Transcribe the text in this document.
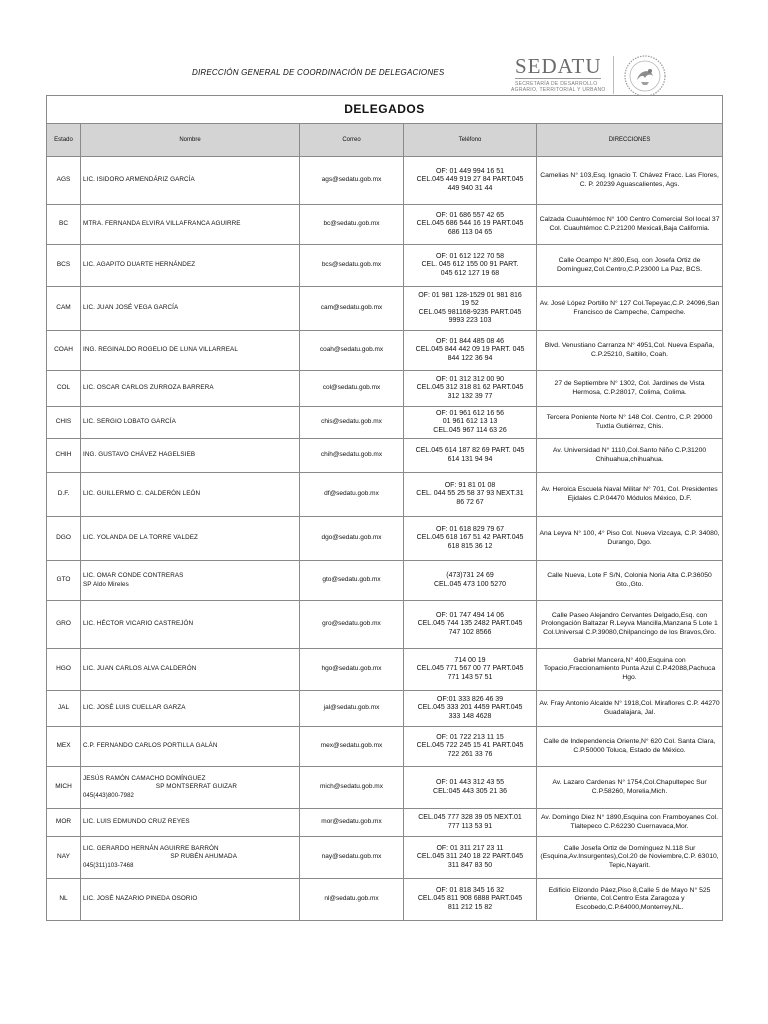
DIRECCIÓN GENERAL DE COORDINACIÓN DE DELEGACIONES	SEDATU
SECRETARÍA DE DESARROLLO
AGRARIO, TERRITORIAL Y URBANO
DELEGADOS				
Estado	Nombre	Correo	Teléfono	DIRECCIONES
AGS	LIC. ISIDORO ARMENDÁRIZ GARCÍA	ags@sedatu.gob.mx	OF: 01 449 994 16 51
CEL.045 449 919 27 84 PART.045
449 940 31 44	Camelias N° 103,Esq. Ignacio T. Chávez Fracc. Las Flores, C. P. 20239 Aguascalientes, Ags.
BC	MTRA. FERNANDA ELVIRA VILLAFRANCA AGUIRRE	bc@sedatu.gob.mx	OF: 01 686 557 42 65
CEL.045 686 544 16 19 PART.045
686 113 04 65	Calzada Cuauhtémoc N° 100 Centro Comercial Sol local 37 Col. Cuauhtémoc C.P.21200 Mexicali,Baja California.
BCS	LIC. AGAPITO DUARTE HERNÁNDEZ	bcs@sedatu.gob.mx	OF: 01 612 122 70 58
CEL. 045 612 155 00 91 PART.
045 612 127 19 68	Calle Ocampo N°.890,Esq. con Josefa Ortiz de Domínguez,Col.Centro,C.P.23000 La Paz, BCS.
CAM	LIC. JUAN JOSÉ VEGA GARCÍA	cam@sedatu.gob.mx	OF: 01 981 128-1529 01 981 816
19 52
CEL.045 981168-9235 PART.045
9993 223 103	Av. José López Portillo N° 127 Col.Tepeyac,C.P. 24096,San Francisco de Campeche, Campeche.
COAH	ING. REGINALDO ROGELIO DE LUNA VILLARREAL	coah@sedatu.gob.mx	OF: 01 844 485 08 46
CEL.045 844 442 09 19 PART. 045
844 122 36 94	Blvd. Venustiano Carranza N° 4951,Col. Nueva España, C.P.25210, Saltillo, Coah.
COL	LIC. OSCAR CARLOS ZURROZA BARRERA	col@sedatu.gob.mx	OF: 01 312 312 00 90
CEL.045 312 318 81 62 PART.045
312 132 39 77	27 de Septiembre N° 1302, Col. Jardines de Vista Hermosa, C.P.28017, Colima, Colima.
CHIS	LIC. SERGIO LOBATO GARCÍA	chis@sedatu.gob.mx	OF: 01 961 612 16 56
01 961 612 13 13
CEL.045 967 114 63 26	Tercera Poniente Norte N° 148 Col. Centro, C.P. 29000 Tuxtla Gutiérrez, Chis.
CHIH	ING. GUSTAVO CHÁVEZ HAGELSIEB	chih@sedatu.gob.mx	CEL.045 614 187 82 69 PART. 045
614 131 94 94	Av. Universidad N° 1110,Col.Santo Niño C.P.31200 Chihuahua,chihuahua.
D.F.	LIC. GUILLERMO C. CALDERÓN LEÓN	df@sedatu.gob.mx	OF: 91 81 01 08
CEL. 044 55 25 58 37 93 NEXT.31
86 72 67	Av. Heroica Escuela Naval Militar N° 701, Col. Presidentes Ejidales C.P.04470 Módulos México, D.F.
DGO	LIC. YOLANDA DE LA TORRE VALDEZ	dgo@sedatu.gob.mx	OF: 01 618 829 79 67
CEL.045 618 167 51 42 PART.045
618 815 36 12	Ana Leyva N° 100, 4° Piso Col. Nueva Vizcaya, C.P. 34080, Durango, Dgo.
GTO	LIC. OMAR CONDE CONTRERAS
SP Aldo Mireles	gto@sedatu.gob.mx	(473)731 24 69
CEL.045 473 100 5270	Calle Nueva, Lote F S/N, Colonia Noria Alta C.P.36050 Gto.,Gto.
GRO	LIC. HÉCTOR VICARIO CASTREJÓN	gro@sedatu.gob.mx	OF: 01 747 494 14 06
CEL.045 744 135 2482 PART.045
747 102 8566	Calle Paseo Alejandro Cervantes Delgado,Esq. con Prolongación Baltazar R.Leyva Mancilla,Manzana 5 Lote 1 Col.Universal C.P.39080,Chilpancingo de los Bravos,Gro.
HGO	LIC. JUAN CARLOS ALVA CALDERÓN	hgo@sedatu.gob.mx	714 00 19
CEL.045 771 567 00 77 PART.045
771 143 57 51	Gabriel Mancera,N° 400,Esquina con Topacio,Fraccionamiento Punta Azul C.P.42088,Pachuca Hgo.
JAL	LIC. JOSÉ LUIS CUELLAR GARZA	jal@sedatu.gob.mx	OF:01 333 826 46 39
CEL.045 333 201 4459 PART.045
333 148 4628	Av. Fray Antonio Alcalde N° 1918,Col. Miraflores C.P. 44270 Guadalajara, Jal.
MEX	C.P. FERNANDO CARLOS PORTILLA GALÁN	mex@sedatu.gob.mx	OF: 01 722 213 11 15
CEL.045 722 245 15 41 PART.045
722 261 33 76	Calle de Independencia Oriente,N° 620 Col. Santa Clara, C.P.50000 Toluca, Estado de México.
MICH	JESÚS RAMÓN CAMACHO DOMÍNGUEZ
SP MONTSERRAT GUIZAR
045(443)800-7982	mich@sedatu.gob.mx	OF: 01 443 312 43 55
CEL:045 443 305 21 36	Av. Lazaro Cardenas N° 1754,Col.Chapultepec Sur C.P.58260, Morelia,Mich.
MOR	LIC. LUIS EDMUNDO CRUZ REYES	mor@sedatu.gob.mx	CEL.045 777 328 39 05 NEXT.01
777 113 53 91	Av. Domingo Diez N° 1890,Esquina con Framboyanes Col. Tlaltepeco C.P.62230 Cuernavaca,Mor.
NAY	LIC. GERARDO HERNÁN AGUIRRE BARRÓN
SP RUBÉN AHUMADA
045(311)103-7468	nay@sedatu.gob.mx	OF: 01 311 217 23 11
CEL.045 311 240 18 22 PART.045
311 847 83 50	Calle Josefa Ortiz de Domínguez N.118 Sur (Esquina,Av.Insurgentes),Col.20 de Noviembre,C.P. 63010, Tepic,Nayarit.
NL	LIC. JOSÉ NAZARIO PINEDA OSORIO	nl@sedatu.gob.mx	OF: 01 818 345 16 32
CEL.045 811 908 6888 PART.045
811 212 15 82	Edificio Elizondo Páez,Piso 8,Calle 5 de Mayo N° 525 Oriente, Col.Centro Esta Zaragoza y Escobedo,C.P.64000,Monterrey,NL.
